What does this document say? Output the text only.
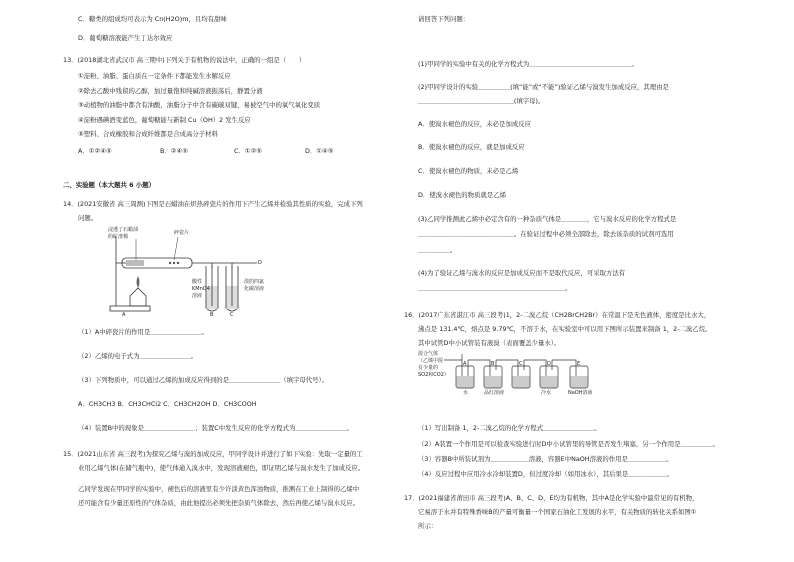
C．糖类的组成均可表示为 Cn(H2O)m，且均有甜味
D．葡萄糖溶液能产生丁达尔效应
13．(2018湖北省武汉市 高三期中)下列关于有机物的说法中，正确的一组是（　　）
①淀粉、油脂、蛋白质在一定条件下都能发生水解反应
②除去乙酸中残留的乙醇，加过量饱和纯碱溶液振荡后，静置分液
③动植物的油脂中都含有油酸，油脂分子中含有碳碳双键，易被空气中的氧气氧化变质
④淀粉遇碘酒变蓝色，葡萄糖能与新制 Cu（OH）2 发生反应
⑤塑料、合成橡胶和合成纤维都是合成高分子材料
A．①②④⑤	B．②④⑤	C．①②⑤	D．①④⑤
二、实验题（本大题共 6 小题）
14．(2021安徽省 高三周测)下图是石蜡油在炽热碎瓷片的作用下产生乙烯并检验其性质的实验，完成下列
问题。
浸透了石蜡油
的矿渣棉
碎瓷片
酸性
KMnO4
溶液
溴的四氯
化碳溶液
A	B	C
D
（1）A中碎瓷片的作用是＿＿＿＿＿＿＿＿。
（2）乙烯的电子式为＿＿＿＿＿＿＿＿。
（3）下列物质中，可以通过乙烯的加成反应得到的是＿＿＿＿＿＿＿＿（填字母代号）。
A．CH3CH3 B．CH3CHCl2 C．CH3CH2OH D．CH3COOH
（4）装置B中的现象是＿＿＿＿＿＿＿＿；装置C中发生反应的化学方程式为＿＿＿＿＿＿＿＿。
15．(2021山东省 高三段考)为探究乙烯与溴的加成反应，甲同学设计并进行了如下实验：先取一定量的工
业用乙烯气体(在储气瓶中)，使气体通入溴水中，发现溶液褪色，即证明乙烯与溴水发生了加成反应。
乙同学发现在甲同学的实验中，褪色后的溶液里有少许淡黄色浑浊物质，推测在工业上制得的乙烯中
还可能含有少量还原性的气体杂质，由此他提出必须先把杂质气体除去，然后再使乙烯与溴水反应。
请回答下列问题：
(1)甲同学的实验中有关的化学方程式为＿＿＿＿＿＿＿＿＿＿＿＿＿＿＿＿。
(2)甲同学设计的实验＿＿＿＿＿(填“能”或“不能”)验证乙烯与溴发生加成反应，其理由是
＿＿＿＿＿＿＿＿＿＿＿＿＿＿＿(填字母)。
A．使溴水褪色的反应，未必是加成反应
B．使溴水褪色的反应，就是加成反应
C．使溴水褪色的物质，未必是乙烯
D．使溴水褪色的物质就是乙烯
(3)乙同学推测此乙烯中必定含有的一种杂质气体是＿＿＿＿，它与溴水反应的化学方程式是
＿＿＿＿＿＿＿＿＿＿＿＿＿＿＿。在验证过程中必须全部除去，除去该杂质的试剂可选用
＿＿＿＿＿。
(4)为了验证乙烯与溴水的反应是加成反应而不是取代反应，可采取方法有
＿＿＿＿＿＿＿＿＿＿＿＿＿＿＿＿＿＿＿＿＿＿＿。
16．(2017广东省湛江市 高三段考)1，2-二溴乙烷（CH2BrCH2Br）在常温下是无色液体，密度是比水大，
沸点是 131.4℃，熔点是 9.79℃，不溶于水，在实验室中可以用下图所示装置来制备 1，2-二溴乙烷。
其中试管D中小试管装有液溴（表面覆盖少量水）。
混合气体
（乙烯中混
有少量的
SO2和CO2）
水	品红溶液	冷水	NaOH溶液
A	B	C	D	E
（1）写出制备 1，2-二溴乙烷的化学方程式＿＿＿＿＿＿＿＿。
（2）A装置一个作用是可以检查实验进行时D中小试管里的导管是否发生堵塞，另一个作用是＿＿＿＿＿。
（3）容器B中所装试剂为＿＿＿＿＿＿溶液，容器E中NaOH溶液的作用是＿＿＿＿＿＿。
（4）反应过程中应用冷水冷却装置D，但过度冷却（如用冰水），其后果是＿＿＿＿＿＿。
17．(2021福建省莆田市 高三段考)A、B、C、D、E均为有机物，其中A是化学实验中最常见的有机物，
它易溶于水并有特殊香味B的产量可衡量一个国家石油化工发展的水平，有关物质的转化关系如图①
所示：
